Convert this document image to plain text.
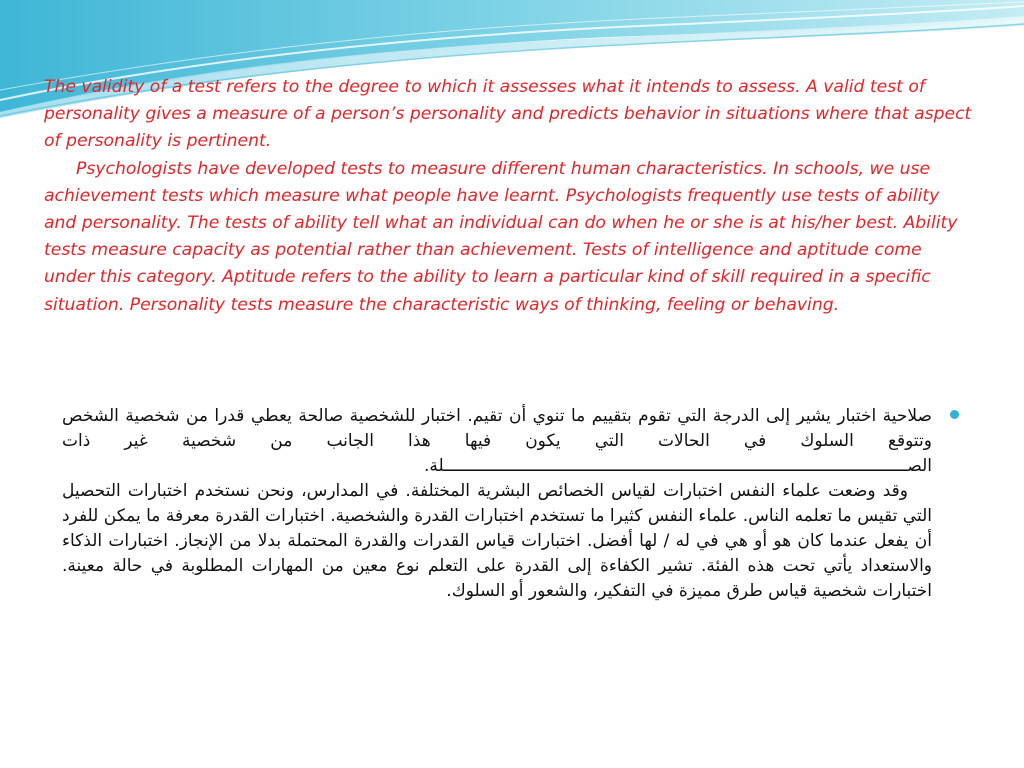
The validity of a test refers to the degree to which it assesses what it intends to assess. A valid test of personality gives a measure of a person’s personality and predicts behavior in situations where that aspect of personality is pertinent.

Psychologists have developed tests to measure different human characteristics. In schools, we use achievement tests which measure what people have learnt. Psychologists frequently use tests of ability and personality. The tests of ability tell what an individual can do when he or she is at his/her best. Ability tests measure capacity as potential rather than achievement. Tests of intelligence and aptitude come under this category. Aptitude refers to the ability to learn a particular kind of skill required in a specific situation. Personality tests measure the characteristic ways of thinking, feeling or behaving.

صلاحية اختبار يشير إلى الدرجة التي تقوم بتقييم ما تنوي أن تقيم. اختبار للشخصية صالحة يعطي قدرا من شخصية الشخص وتتوقع السلوك في الحالات التي يكون فيها هذا الجانب من شخصية غير ذات الصـــــــــــــــــــــــــــــــــــــــــــــــــــــــــــــــــــــــــــــــــــــــــــــلة.

وقد وضعت علماء النفس اختبارات لقياس الخصائص البشرية المختلفة. في المدارس، ونحن نستخدم اختبارات التحصيل التي تقيس ما تعلمه الناس. علماء النفس كثيرا ما تستخدم اختبارات القدرة والشخصية. اختبارات القدرة معرفة ما يمكن للفرد أن يفعل عندما كان هو أو هي في له / لها أفضل. اختبارات قياس القدرات والقدرة المحتملة بدلا من الإنجاز. اختبارات الذكاء والاستعداد يأتي تحت هذه الفئة. تشير الكفاءة إلى القدرة على التعلم نوع معين من المهارات المطلوبة في حالة معينة. اختبارات شخصية قياس طرق مميزة في التفكير، والشعور أو السلوك.
